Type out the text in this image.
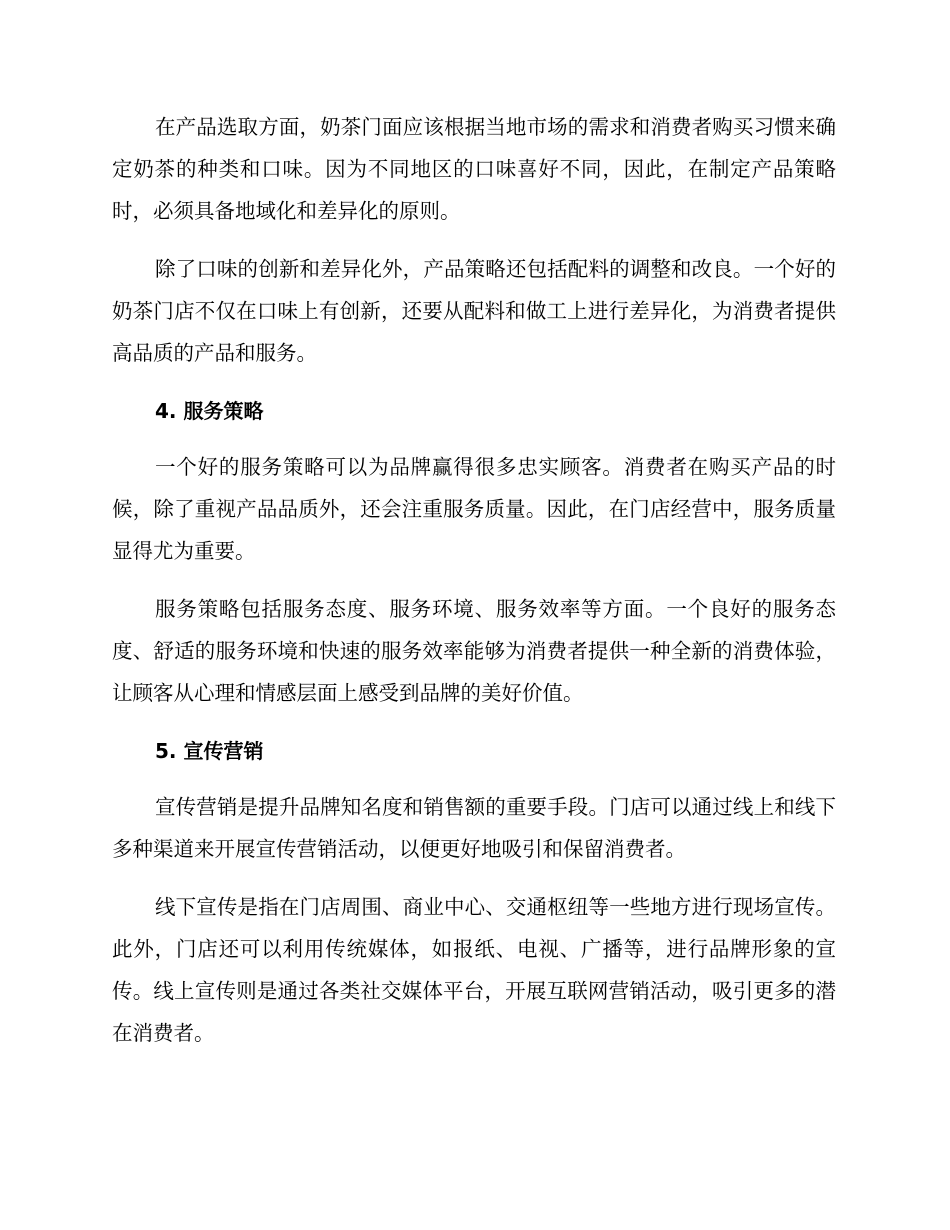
在产品选取方面，奶茶门面应该根据当地市场的需求和消费者购买习惯来确定奶茶的种类和口味。因为不同地区的口味喜好不同，因此，在制定产品策略时，必须具备地域化和差异化的原则。

除了口味的创新和差异化外，产品策略还包括配料的调整和改良。一个好的奶茶门店不仅在口味上有创新，还要从配料和做工上进行差异化，为消费者提供高品质的产品和服务。

4. 服务策略

一个好的服务策略可以为品牌赢得很多忠实顾客。消费者在购买产品的时候，除了重视产品品质外，还会注重服务质量。因此，在门店经营中，服务质量显得尤为重要。

服务策略包括服务态度、服务环境、服务效率等方面。一个良好的服务态度、舒适的服务环境和快速的服务效率能够为消费者提供一种全新的消费体验，让顾客从心理和情感层面上感受到品牌的美好价值。

5. 宣传营销

宣传营销是提升品牌知名度和销售额的重要手段。门店可以通过线上和线下多种渠道来开展宣传营销活动，以便更好地吸引和保留消费者。

线下宣传是指在门店周围、商业中心、交通枢纽等一些地方进行现场宣传。此外，门店还可以利用传统媒体，如报纸、电视、广播等，进行品牌形象的宣传。线上宣传则是通过各类社交媒体平台，开展互联网营销活动，吸引更多的潜在消费者。
